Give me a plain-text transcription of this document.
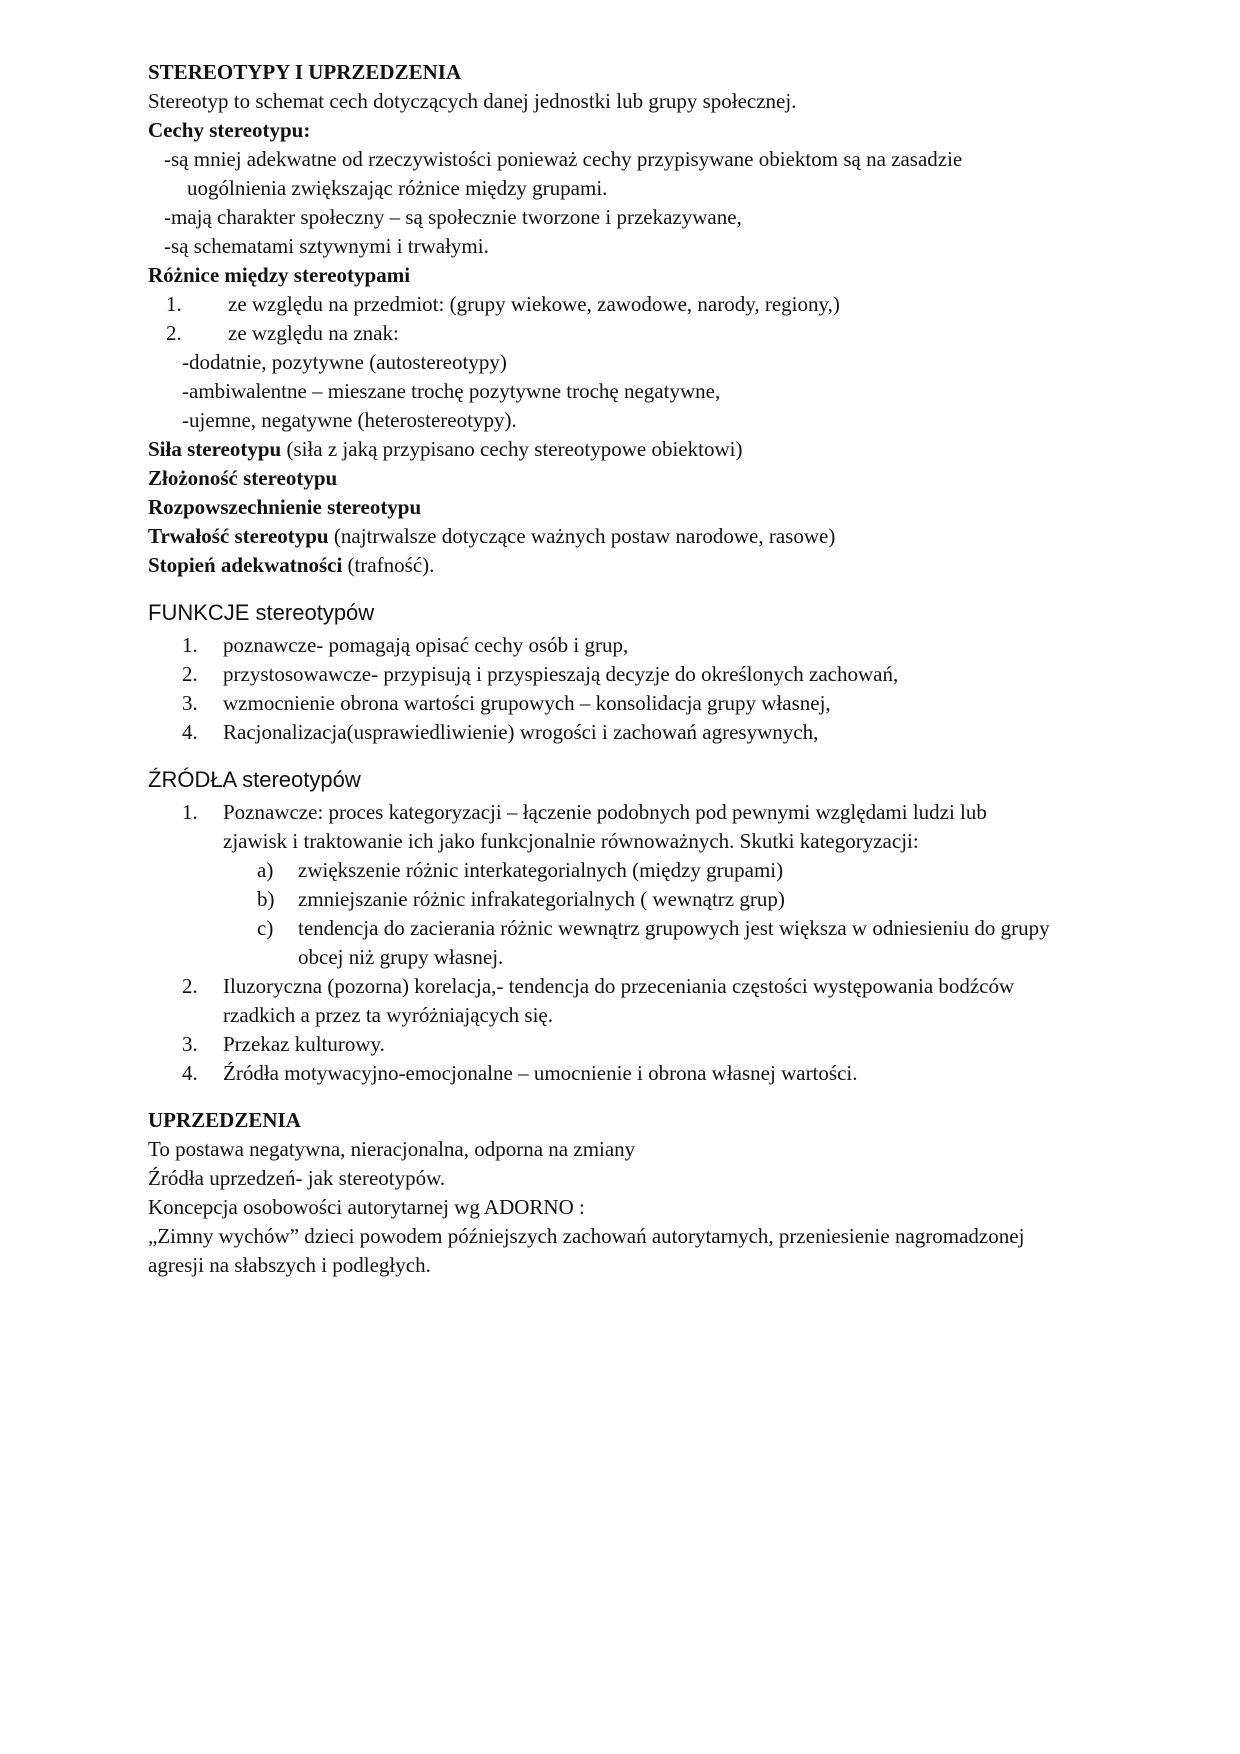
STEREOTYPY I UPRZEDZENIA
Stereotyp to schemat cech dotyczących danej jednostki lub grupy społecznej.
Cechy stereotypu:
-są mniej adekwatne od rzeczywistości ponieważ cechy przypisywane obiektom są na zasadzie
uogólnienia zwiększając różnice między grupami.
-mają charakter społeczny – są społecznie tworzone i przekazywane,
-są schematami sztywnymi i trwałymi.
Różnice między stereotypami
1. ze względu na przedmiot: (grupy wiekowe, zawodowe, narody, regiony,)
2. ze względu na znak:
-dodatnie, pozytywne (autostereotypy)
-ambiwalentne – mieszane trochę pozytywne trochę negatywne,
-ujemne, negatywne (heterostereotypy).
Siła stereotypu (siła z jaką przypisano cechy stereotypowe obiektowi)
Złożoność stereotypu
Rozpowszechnienie stereotypu
Trwałość stereotypu (najtrwalsze dotyczące ważnych postaw narodowe, rasowe)
Stopień adekwatności (trafność).
FUNKCJE stereotypów
1. poznawcze- pomagają opisać cechy osób i grup,
2. przystosowawcze- przypisują i przyspieszają decyzje do określonych zachowań,
3. wzmocnienie obrona wartości grupowych – konsolidacja grupy własnej,
4. Racjonalizacja(usprawiedliwienie) wrogości i zachowań agresywnych,
ŹRÓDŁA stereotypów
1. Poznawcze: proces kategoryzacji – łączenie podobnych pod pewnymi względami ludzi lub
zjawisk i traktowanie ich jako funkcjonalnie równoważnych. Skutki kategoryzacji:
a) zwiększenie różnic interkategorialnych (między grupami)
b) zmniejszanie różnic infrakategorialnych ( wewnątrz grup)
c) tendencja do zacierania różnic wewnątrz grupowych jest większa w odniesieniu do grupy
obcej niż grupy własnej.
2. Iluzoryczna (pozorna) korelacja,- tendencja do przeceniania częstości występowania bodźców
rzadkich a przez ta wyróżniających się.
3. Przekaz kulturowy.
4. Źródła motywacyjno-emocjonalne – umocnienie i obrona własnej wartości.
UPRZEDZENIA
To postawa negatywna, nieracjonalna, odporna na zmiany
Źródła uprzedzeń- jak stereotypów.
Koncepcja osobowości autorytarnej wg ADORNO :
„Zimny wychów” dzieci powodem późniejszych zachowań autorytarnych, przeniesienie nagromadzonej
agresji na słabszych i podległych.
